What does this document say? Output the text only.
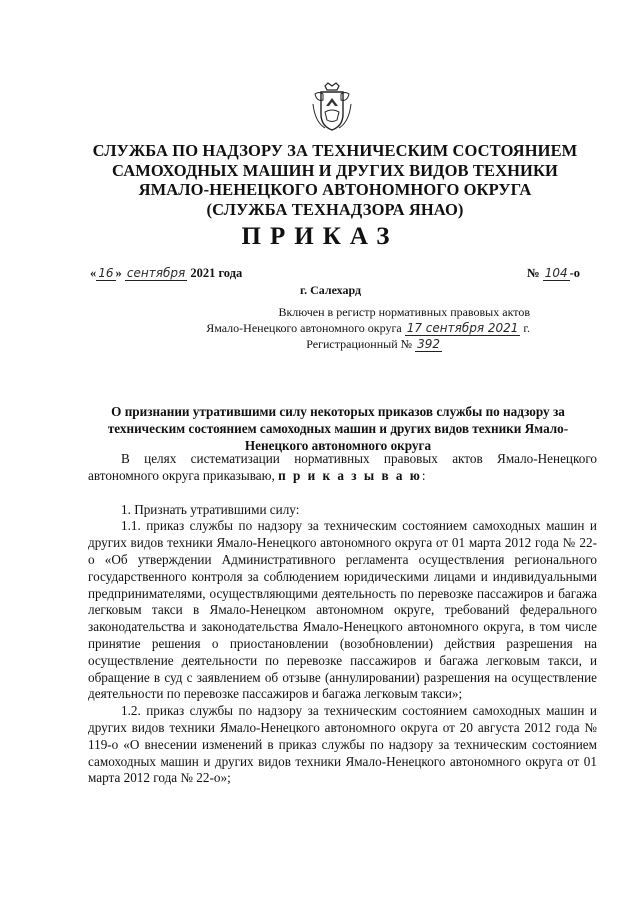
СЛУЖБА ПО НАДЗОРУ ЗА ТЕХНИЧЕСКИМ СОСТОЯНИЕМ
САМОХОДНЫХ МАШИН И ДРУГИХ ВИДОВ ТЕХНИКИ
ЯМАЛО-НЕНЕЦКОГО АВТОНОМНОГО ОКРУГА
(СЛУЖБА ТЕХНАДЗОРА ЯНАО)
ПРИКАЗ
« 16 » сентября 2021 года	№ 104 -о
г. Салехард
Включен в регистр нормативных правовых актов
Ямало-Ненецкого автономного округа 17 сентября 2021 г.
Регистрационный № 392
О признании утратившими силу некоторых приказов службы по надзору за техническим состоянием самоходных машин и других видов техники Ямало-Ненецкого автономного округа

В целях систематизации нормативных правовых актов Ямало-Ненецкого автономного округа приказываю, п р и к а з ы в а ю:

1. Признать утратившими силу:

1.1. приказ службы по надзору за техническим состоянием самоходных машин и других видов техники Ямало-Ненецкого автономного округа от 01 марта 2012 года № 22-о «Об утверждении Административного регламента осуществления регионального государственного контроля за соблюдением юридическими лицами и индивидуальными предпринимателями, осуществляющими деятельность по перевозке пассажиров и багажа легковым такси в Ямало-Ненецком автономном округе, требований федерального законодательства и законодательства Ямало-Ненецкого автономного округа, в том числе принятие решения о приостановлении (возобновлении) действия разрешения на осуществление деятельности по перевозке пассажиров и багажа легковым такси, и обращение в суд с заявлением об отзыве (аннулировании) разрешения на осуществление деятельности по перевозке пассажиров и багажа легковым такси»;

1.2. приказ службы по надзору за техническим состоянием самоходных машин и других видов техники Ямало-Ненецкого автономного округа от 20 августа 2012 года № 119-о «О внесении изменений в приказ службы по надзору за техническим состоянием самоходных машин и других видов техники Ямало-Ненецкого автономного округа от 01 марта 2012 года № 22-о»;
